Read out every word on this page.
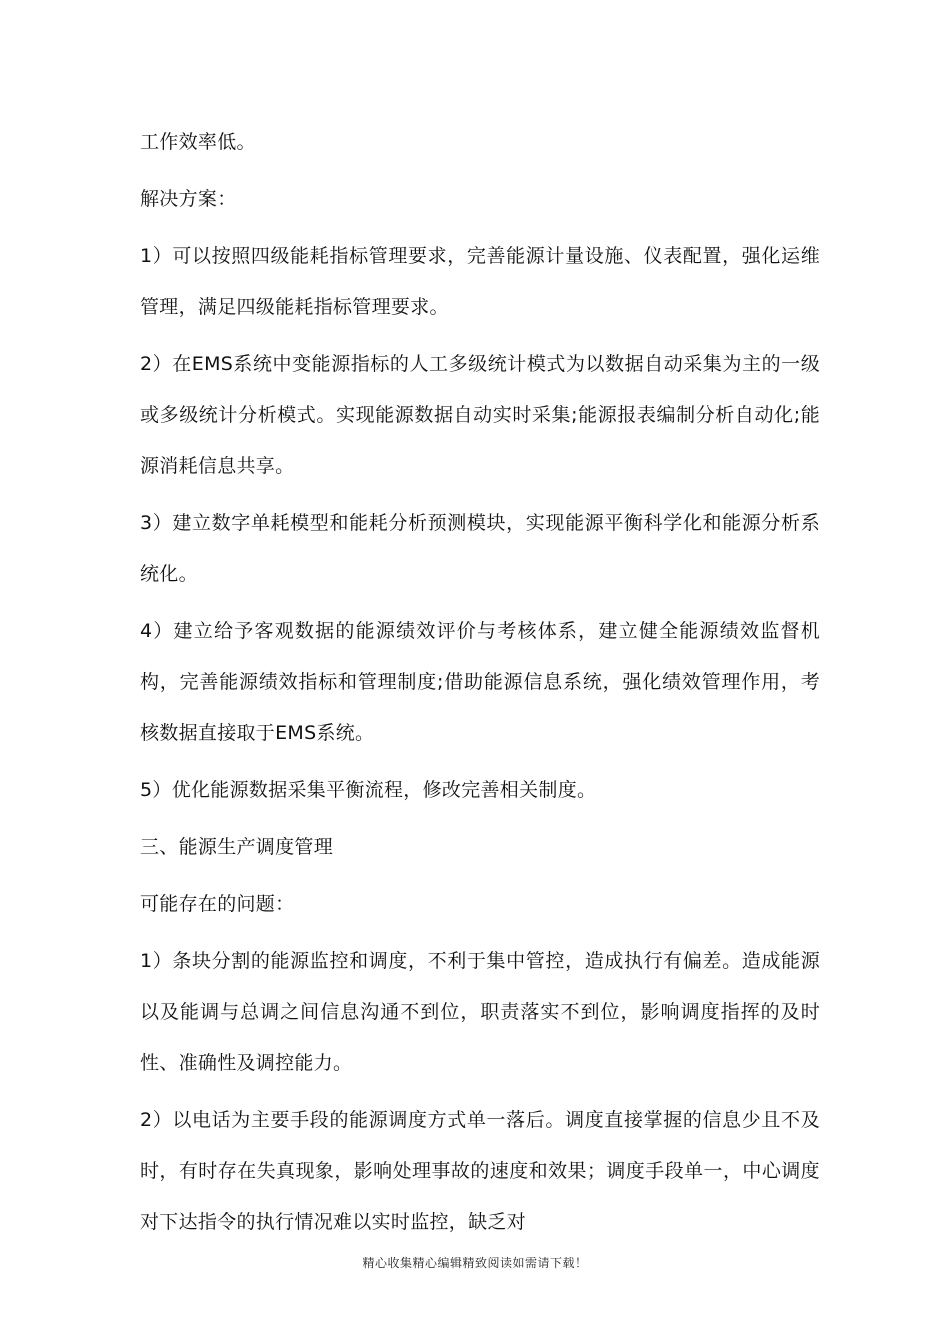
工作效率低。

解决方案：

1）可以按照四级能耗指标管理要求，完善能源计量设施、仪表配置，强化运维管理，满足四级能耗指标管理要求。

2）在EMS系统中变能源指标的人工多级统计模式为以数据自动采集为主的一级或多级统计分析模式。实现能源数据自动实时采集;能源报表编制分析自动化;能源消耗信息共享。

3）建立数字单耗模型和能耗分析预测模块，实现能源平衡科学化和能源分析系统化。

4）建立给予客观数据的能源绩效评价与考核体系，建立健全能源绩效监督机构，完善能源绩效指标和管理制度;借助能源信息系统，强化绩效管理作用，考核数据直接取于EMS系统。

5）优化能源数据采集平衡流程，修改完善相关制度。

三、能源生产调度管理

可能存在的问题：

1）条块分割的能源监控和调度，不利于集中管控，造成执行有偏差。造成能源以及能调与总调之间信息沟通不到位，职责落实不到位，影响调度指挥的及时性、准确性及调控能力。

2）以电话为主要手段的能源调度方式单一落后。调度直接掌握的信息少且不及时，有时存在失真现象，影响处理事故的速度和效果；调度手段单一，中心调度对下达指令的执行情况难以实时监控，缺乏对

精心收集精心编辑精致阅读如需请下载！
